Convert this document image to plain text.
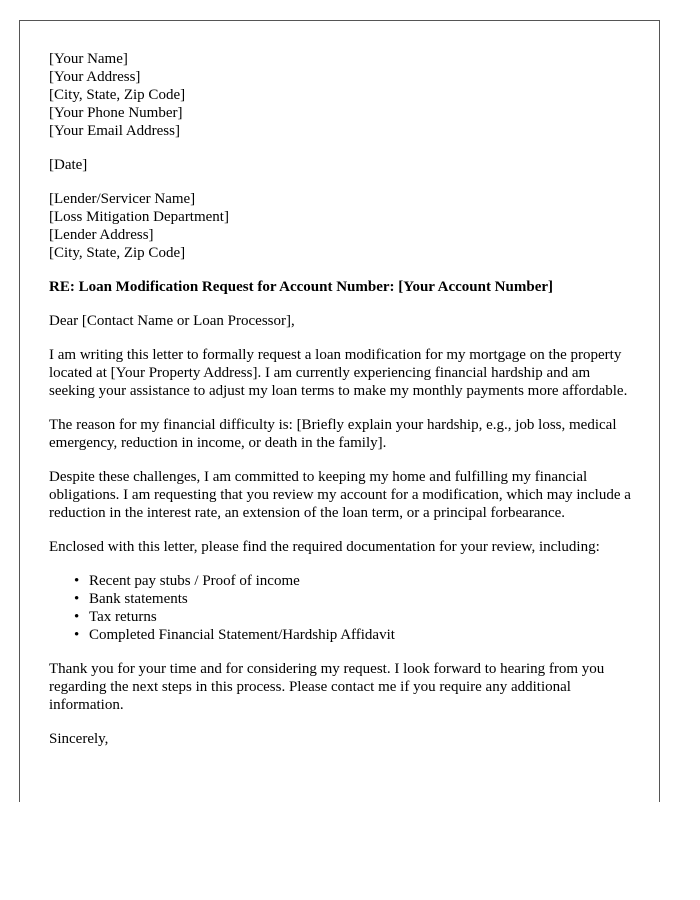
[Your Name]
[Your Address]
[City, State, Zip Code]
[Your Phone Number]
[Your Email Address]
[Date]
[Lender/Servicer Name]
[Loss Mitigation Department]
[Lender Address]
[City, State, Zip Code]
RE: Loan Modification Request for Account Number: [Your Account Number]

Dear [Contact Name or Loan Processor],

I am writing this letter to formally request a loan modification for my mortgage on the property located at [Your Property Address]. I am currently experiencing financial hardship and am seeking your assistance to adjust my loan terms to make my monthly payments more affordable.

The reason for my financial difficulty is: [Briefly explain your hardship, e.g., job loss, medical emergency, reduction in income, or death in the family].

Despite these challenges, I am committed to keeping my home and fulfilling my financial obligations. I am requesting that you review my account for a modification, which may include a reduction in the interest rate, an extension of the loan term, or a principal forbearance.

Enclosed with this letter, please find the required documentation for your review, including:

• Recent pay stubs / Proof of income
• Bank statements
• Tax returns
• Completed Financial Statement/Hardship Affidavit

Thank you for your time and for considering my request. I look forward to hearing from you regarding the next steps in this process. Please contact me if you require any additional information.

Sincerely,
